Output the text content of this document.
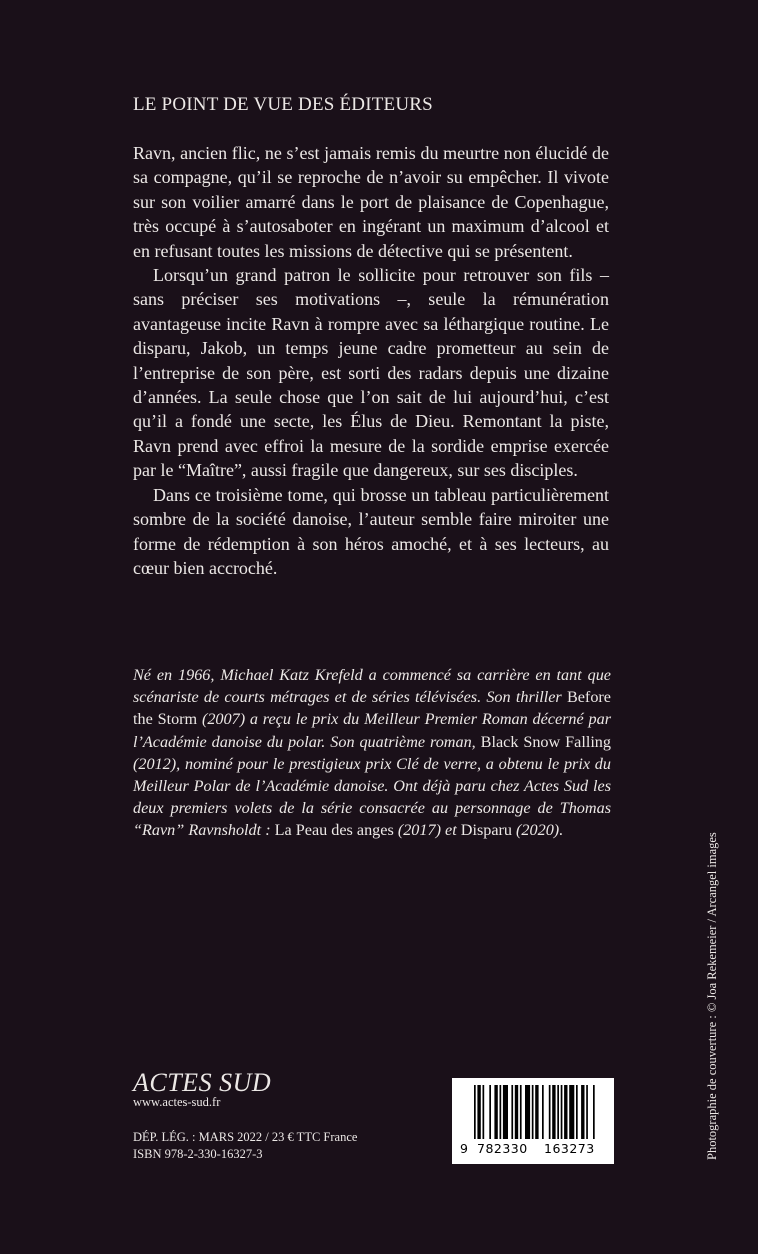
LE POINT DE VUE DES ÉDITEURS

Ravn, ancien flic, ne s’est jamais remis du meurtre non élucidé de sa compagne, qu’il se reproche de n’avoir su empêcher. Il vivote sur son voilier amarré dans le port de plaisance de Copenhague, très occupé à s’autosaboter en ingérant un maximum d’alcool et en refusant toutes les missions de détective qui se présentent.

Lorsqu’un grand patron le sollicite pour retrouver son fils – sans préciser ses motivations –, seule la rémunération avantageuse incite Ravn à rompre avec sa léthargique routine. Le disparu, Jakob, un temps jeune cadre prometteur au sein de l’entreprise de son père, est sorti des radars depuis une dizaine d’années. La seule chose que l’on sait de lui aujourd’hui, c’est qu’il a fondé une secte, les Élus de Dieu. Remontant la piste, Ravn prend avec effroi la mesure de la sordide emprise exercée par le “Maître”, aussi fragile que dangereux, sur ses disciples.

Dans ce troisième tome, qui brosse un tableau particulièrement sombre de la société danoise, l’auteur semble faire miroiter une forme de rédemption à son héros amoché, et à ses lecteurs, au cœur bien accroché.

Né en 1966, Michael Katz Krefeld a commencé sa carrière en tant que scénariste de courts métrages et de séries télévisées. Son thriller Before the Storm (2007) a reçu le prix du Meilleur Premier Roman décerné par l’Académie danoise du polar. Son quatrième roman, Black Snow Falling (2012), nominé pour le prestigieux prix Clé de verre, a obtenu le prix du Meilleur Polar de l’Académie danoise. Ont déjà paru chez Actes Sud les deux premiers volets de la série consacrée au personnage de Thomas “Ravn” Ravnsholdt : La Peau des anges (2017) et Disparu (2020).
ACTES SUD
www.actes-sud.fr
DÉP. LÉG. : MARS 2022 / 23 € TTC France
ISBN 978-2-330-16327-3	9 782330 163273	Photographie de couverture : © Joa Rekemeier / Arcangel images
